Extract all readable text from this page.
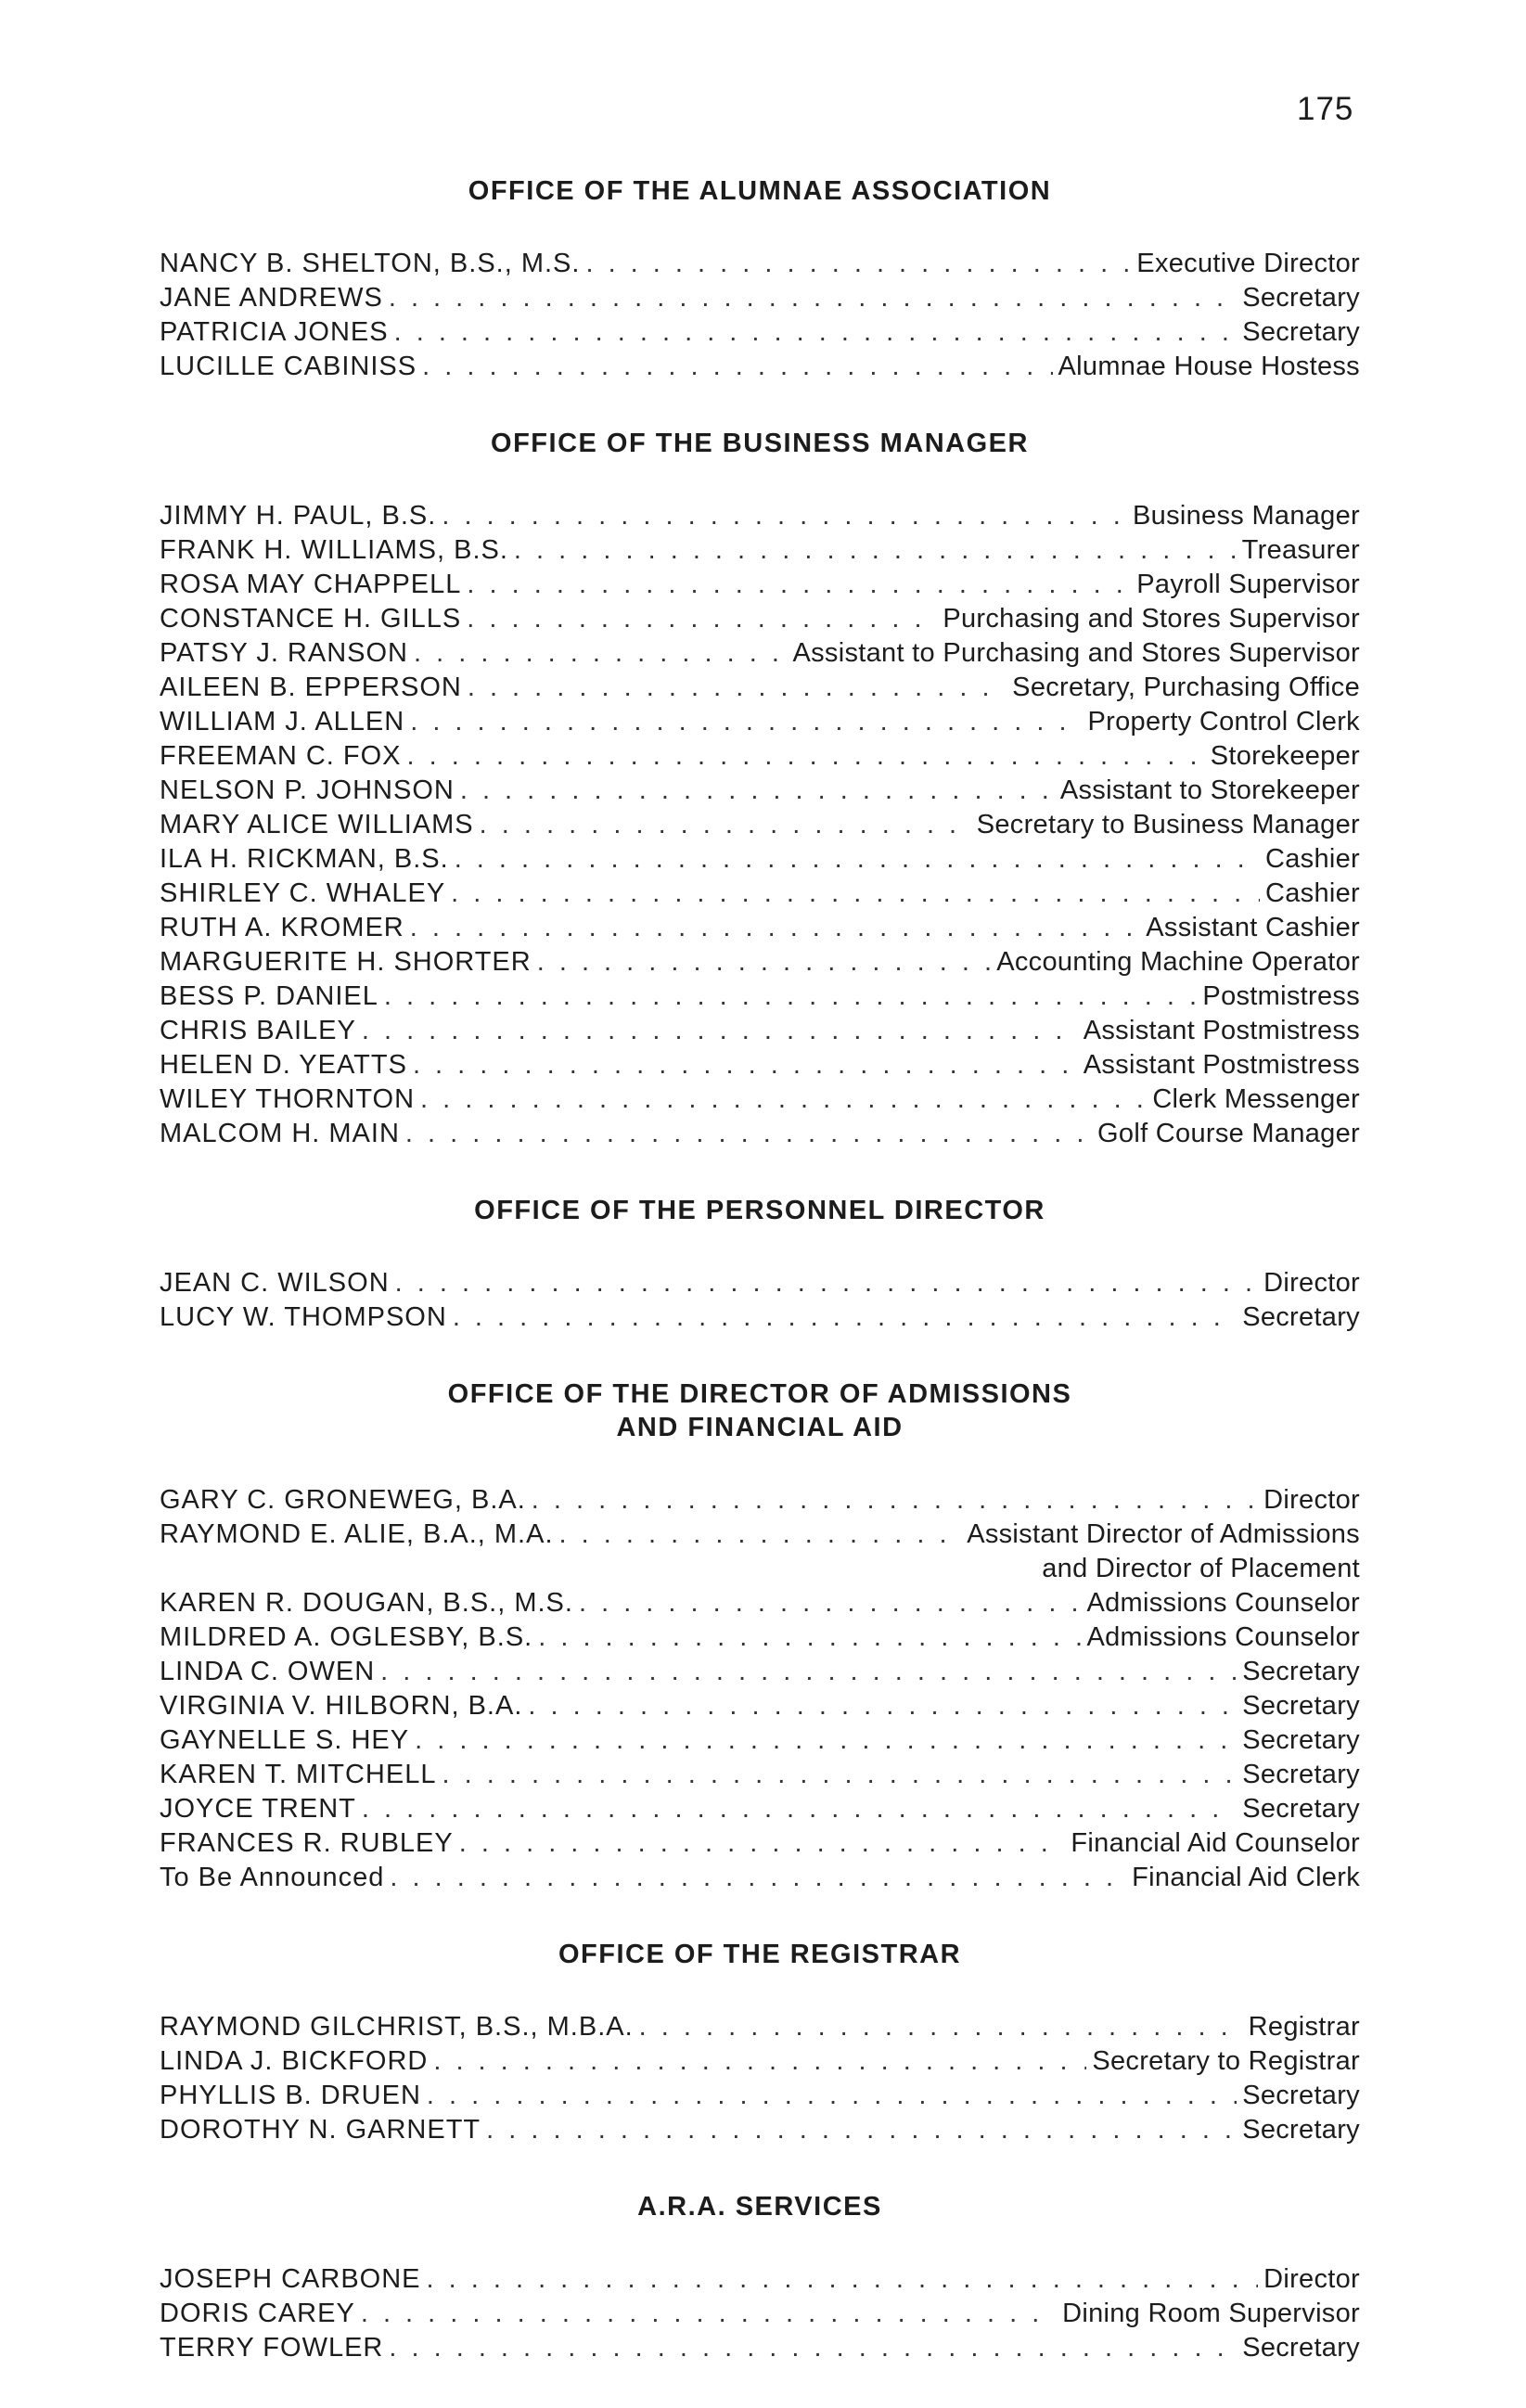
175
OFFICE OF THE ALUMNAE ASSOCIATION
NANCY B. SHELTON, B.S., M.S. . . .	Executive Director
JANE ANDREWS . . .	Secretary
PATRICIA JONES . . .	Secretary
LUCILLE CABINISS . . .	Alumnae House Hostess
OFFICE OF THE BUSINESS MANAGER
JIMMY H. PAUL, B.S. . . .	Business Manager
FRANK H. WILLIAMS, B.S. . . .	Treasurer
ROSA MAY CHAPPELL . . .	Payroll Supervisor
CONSTANCE H. GILLS . . .	Purchasing and Stores Supervisor
PATSY J. RANSON . . .	Assistant to Purchasing and Stores Supervisor
AILEEN B. EPPERSON . . .	Secretary, Purchasing Office
WILLIAM J. ALLEN . . .	Property Control Clerk
FREEMAN C. FOX . . .	Storekeeper
NELSON P. JOHNSON . . .	Assistant to Storekeeper
MARY ALICE WILLIAMS . . .	Secretary to Business Manager
ILA H. RICKMAN, B.S. . . .	Cashier
SHIRLEY C. WHALEY . . .	Cashier
RUTH A. KROMER . . .	Assistant Cashier
MARGUERITE H. SHORTER . . .	Accounting Machine Operator
BESS P. DANIEL . . .	Postmistress
CHRIS BAILEY . . .	Assistant Postmistress
HELEN D. YEATTS . . .	Assistant Postmistress
WILEY THORNTON . . .	Clerk Messenger
MALCOM H. MAIN . . .	Golf Course Manager
OFFICE OF THE PERSONNEL DIRECTOR
JEAN C. WILSON . . .	Director
LUCY W. THOMPSON . . .	Secretary
OFFICE OF THE DIRECTOR OF ADMISSIONS
AND FINANCIAL AID
GARY C. GRONEWEG, B.A. . . .	Director
RAYMOND E. ALIE, B.A., M.A. . . .	Assistant Director of Admissions
and Director of Placement
KAREN R. DOUGAN, B.S., M.S. . . .	Admissions Counselor
MILDRED A. OGLESBY, B.S. . . .	Admissions Counselor
LINDA C. OWEN . . .	Secretary
VIRGINIA V. HILBORN, B.A. . . .	Secretary
GAYNELLE S. HEY . . .	Secretary
KAREN T. MITCHELL . . .	Secretary
JOYCE TRENT . . .	Secretary
FRANCES R. RUBLEY . . .	Financial Aid Counselor
To Be Announced . . .	Financial Aid Clerk
OFFICE OF THE REGISTRAR
RAYMOND GILCHRIST, B.S., M.B.A. . . .	Registrar
LINDA J. BICKFORD . . .	Secretary to Registrar
PHYLLIS B. DRUEN . . .	Secretary
DOROTHY N. GARNETT . . .	Secretary
A.R.A. SERVICES
JOSEPH CARBONE . . .	Director
DORIS CAREY . . .	Dining Room Supervisor
TERRY FOWLER . . .	Secretary
